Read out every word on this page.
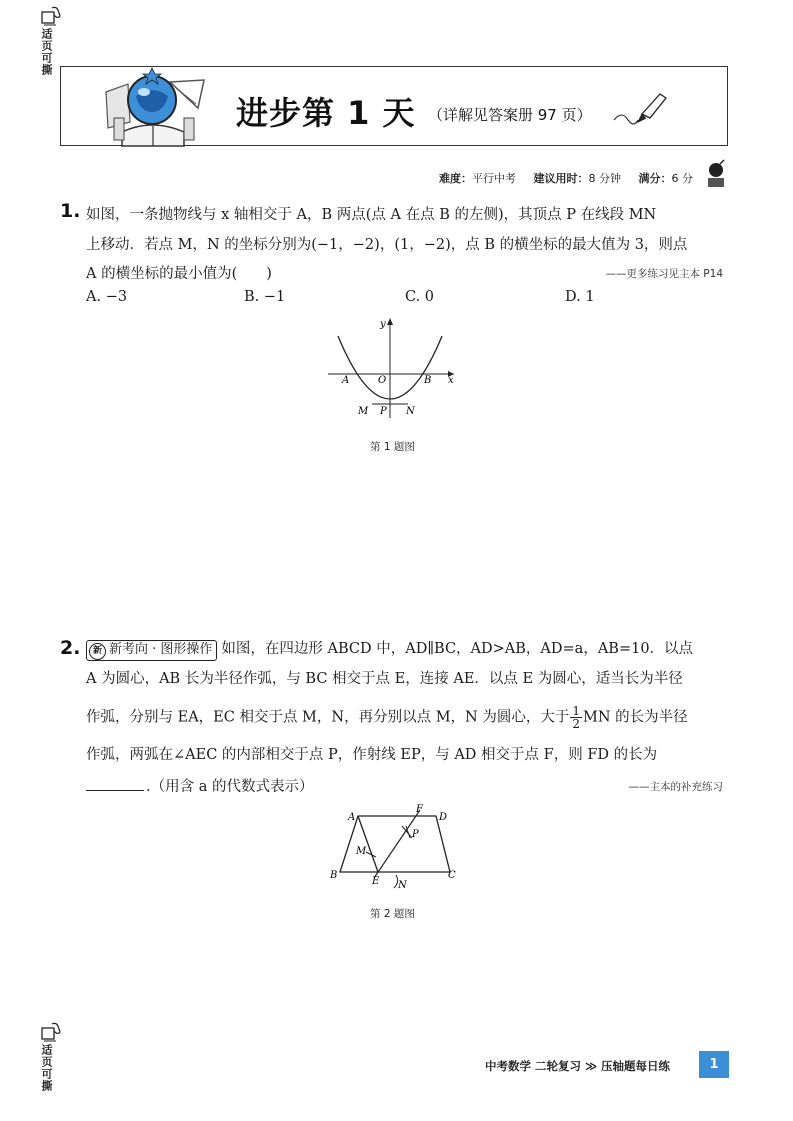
适页可撕
适页可撕
进步第 1 天 （详解见答案册 97 页）
难度：平行中考 建议用时：8 分钟 满分：6 分
1. 如图，一条抛物线与 x 轴相交于 A，B 两点(点 A 在点 B 的左侧)，其顶点 P 在线段 MN
上移动．若点 M，N 的坐标分别为(−1，−2)，(1，−2)，点 B 的横坐标的最大值为 3，则点
A 的横坐标的最小值为(　　)	——更多练习见主本 P14
A. −3	B. −1	C. 0	D. 1
y
x
A	O	B
M P N
第 1 题图
2.	新 新考向 · 图形操作 如图，在四边形 ABCD 中，AD∥BC，AD>AB，AD=a，AB=10．以点
A 为圆心，AB 长为半径作弧，与 BC 相交于点 E，连接 AE．以点 E 为圆心，适当长为半径
作弧，分别与 EA，EC 相交于点 M，N，再分别以点 M，N 为圆心，大于 $\frac{1}{2}$ MN 的长为半径
作弧，两弧在∠AEC 的内部相交于点 P，作射线 EP，与 AD 相交于点 F，则 FD 的长为
.（用含 a 的代数式表示）	——主本的补充练习
A
F
D
P
M
B
E N
C
第 2 题图
中考数学 二轮复习 ≫ 压轴题每日练	1
